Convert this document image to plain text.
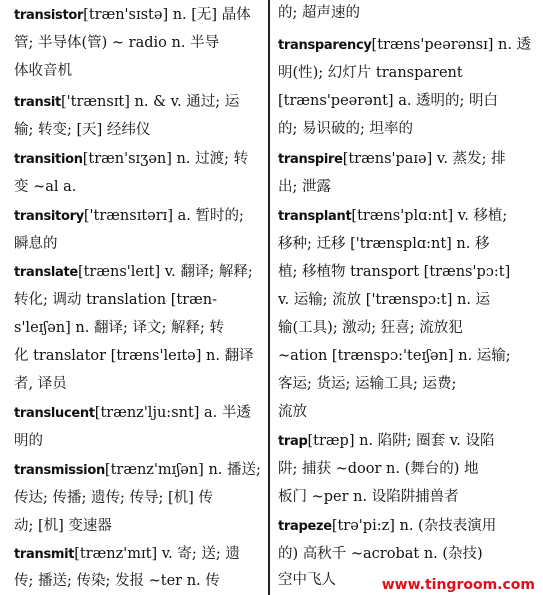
transistor[træn'sɪstə] n. [无] 晶体
管; 半导体(管) ~ radio n. 半导
体收音机
transit['trænsɪt] n. & v. 通过; 运
输; 转变; [天] 经纬仪
transition[træn'sɪʒən] n. 过渡; 转
变 ~al a.
transitory['trænsɪtərɪ] a. 暂时的;
瞬息的
translate[træns'leɪt] v. 翻译; 解释;
转化; 调动 translation [træn-
s'leɪʃən] n. 翻译; 译文; 解释; 转
化 translator [træns'leɪtə] n. 翻译
者, 译员
translucent[trænz'lju:snt] a. 半透
明的
transmission[trænz'mɪʃən] n. 播送;
传达; 传播; 遗传; 传导; [机] 传
动; [机] 变速器
transmit[trænz'mɪt] v. 寄; 送; 遗
传; 播送; 传染; 发报 ~ter n. 传
的; 超声速的
transparency[træns'peərənsɪ] n. 透
明(性); 幻灯片 transparent
[træns'peərənt] a. 透明的; 明白
的; 易识破的; 坦率的
transpire[træns'paɪə] v. 蒸发; 排
出; 泄露
transplant[træns'plɑ:nt] v. 移植;
移种; 迁移 ['trænsplɑ:nt] n. 移
植; 移植物 transport [træns'pɔ:t]
v. 运输; 流放 ['trænspɔ:t] n. 运
输(工具); 激动; 狂喜; 流放犯
~ation [trænspɔ:'teɪʃən] n. 运输;
客运; 货运; 运输工具; 运费;
流放
trap[træp] n. 陷阱; 圈套 v. 设陷
阱; 捕获 ~door n. (舞台的) 地
板门 ~per n. 设陷阱捕兽者
trapeze[trə'pi:z] n. (杂技表演用
的) 高秋千 ~acrobat n. (杂技)
空中飞人	www.tingroom.com
